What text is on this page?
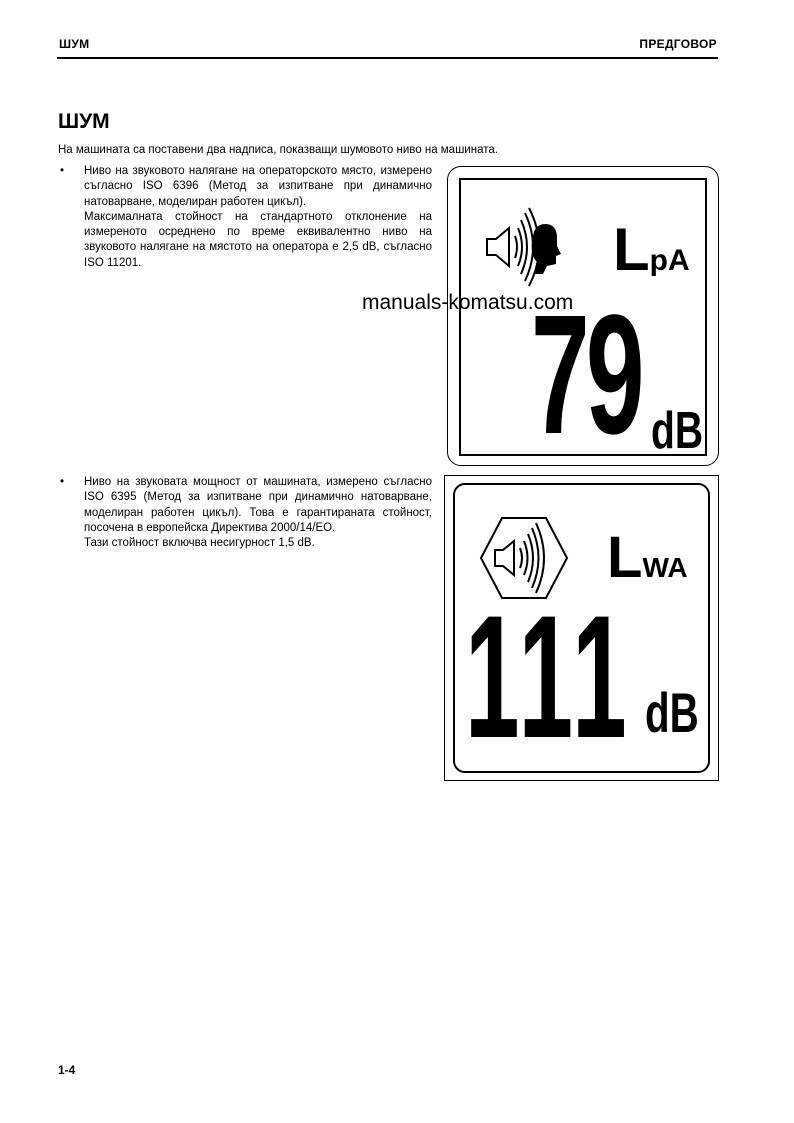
ШУМ	ПРЕДГОВОР
ШУМ
На машината са поставени два надписа, показващи шумовото ниво на машината.
• Ниво на звуковото налягане на операторското място, измерено съгласно ISO 6396 (Метод за изпитване при динамично натоварване, моделиран работен цикъл).

Максималната стойност на стандартното отклонение на измереното осреднено по време еквивалентно ниво на звуковото налягане на мястото на оператора е 2,5 dB, съгласно ISO 11201.

• Ниво на звуковата мощност от машината, измерено съгласно ISO 6395 (Метод за изпитване при динамично натоварване, моделиран работен цикъл). Това е гарантираната стойност, посочена в европейска Директива 2000/14/ЕО.

Тази стойност включва несигурност 1,5 dB.

LpA
79 dB
LWA
111 dB
manuals-komatsu.com
1-4
